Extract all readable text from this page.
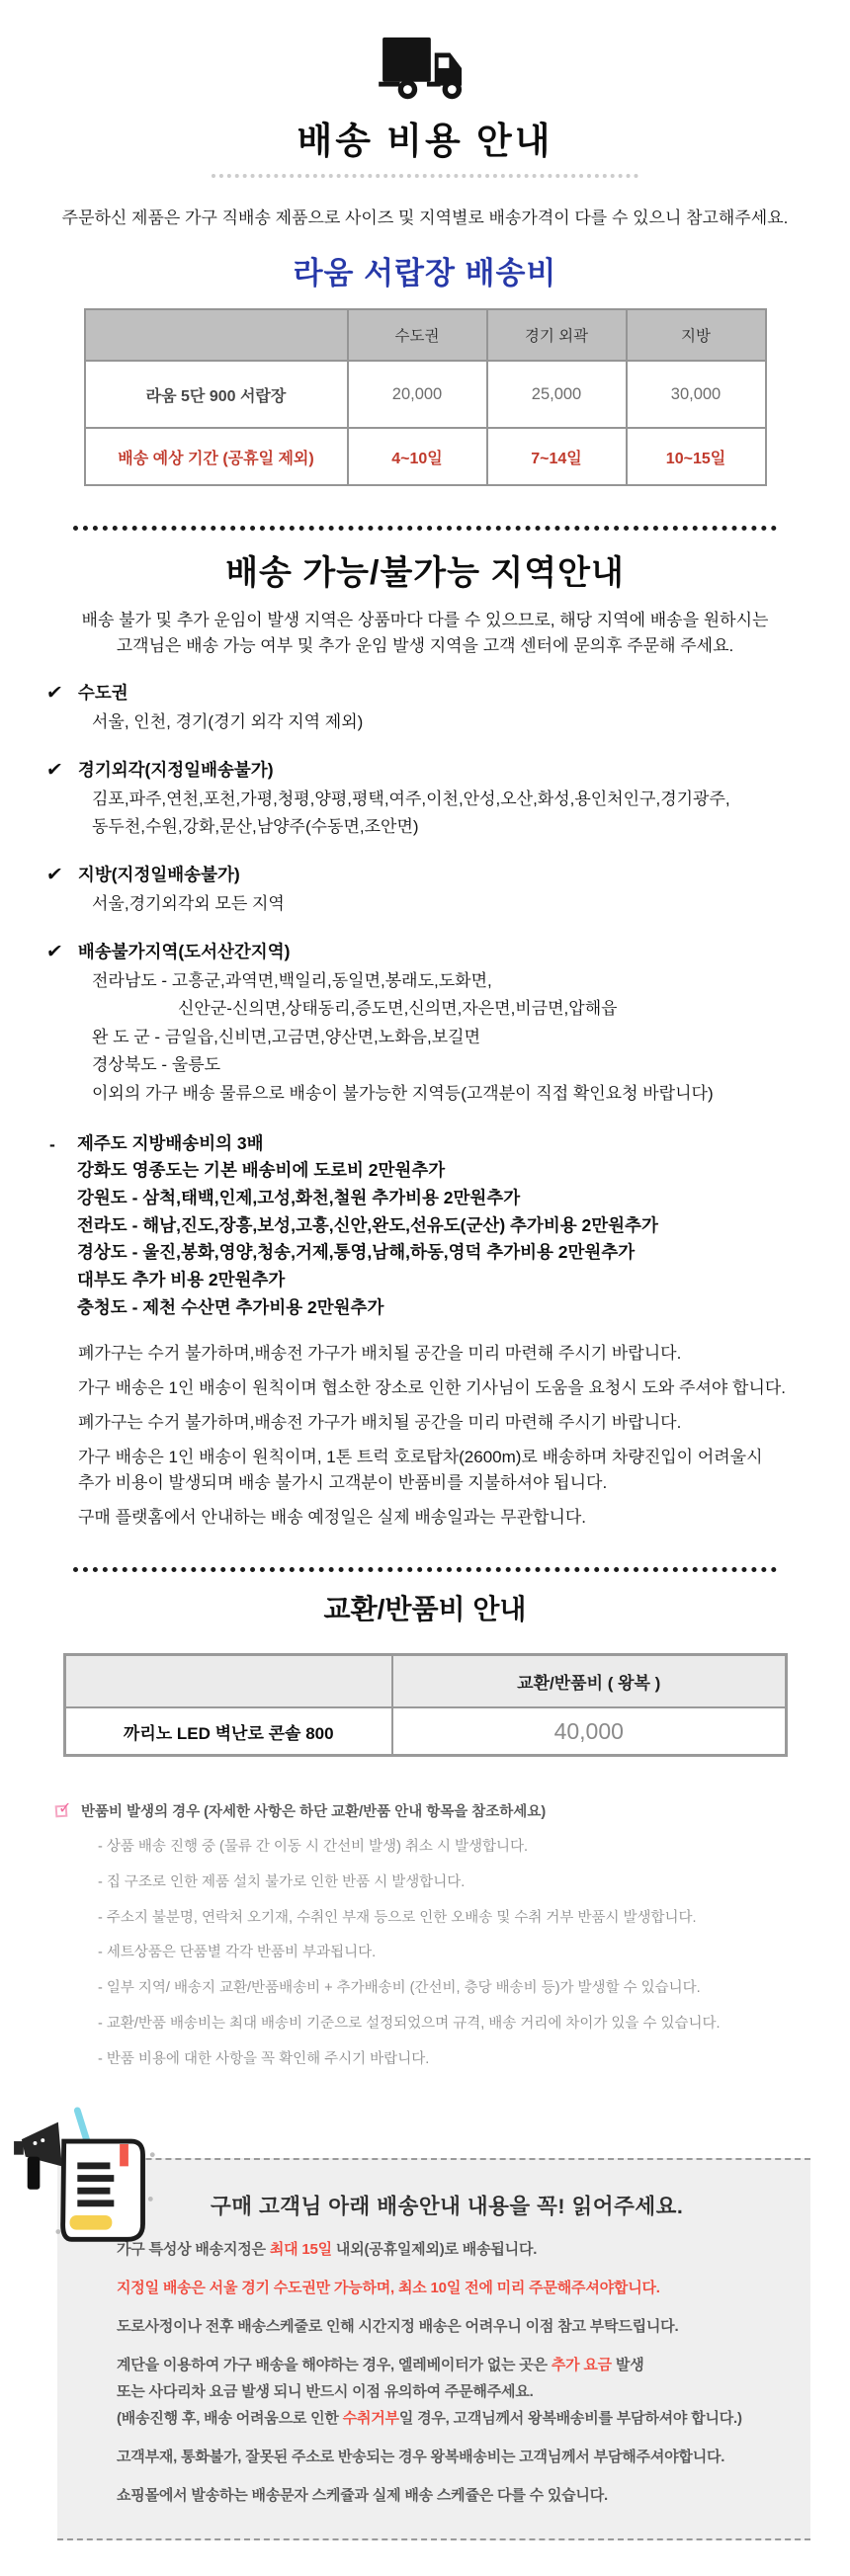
배송 비용 안내
주문하신 제품은 가구 직배송 제품으로 사이즈 및 지역별로 배송가격이 다를 수 있으니 참고해주세요.
라움 서랍장 배송비
	수도권	경기 외곽	지방
라움 5단 900 서랍장	20,000	25,000	30,000
배송 예상 기간 (공휴일 제외)	4~10일	7~14일	10~15일
배송 가능/불가능 지역안내
배송 불가 및 추가 운임이 발생 지역은 상품마다 다를 수 있으므로, 해당 지역에 배송을 원하시는
고객님은 배송 가능 여부 및 추가 운임 발생 지역을 고객 센터에 문의후 주문해 주세요.
✔ 수도권
서울, 인천, 경기(경기 외각 지역 제외)
✔ 경기외각(지정일배송불가)
김포,파주,연천,포천,가평,청평,양평,평택,여주,이천,안성,오산,화성,용인처인구,경기광주,
동두천,수원,강화,문산,남양주(수동면,조안면)
✔ 지방(지정일배송불가)
서울,경기외각외 모든 지역
✔ 배송불가지역(도서산간지역)
전라남도 - 고흥군,과역면,백일리,동일면,봉래도,도화면,
신안군-신의면,상태동리,증도면,신의면,자은면,비금면,압해읍
완 도 군 - 금일읍,신비면,고금면,양산면,노화음,보길면
경상북도 - 울릉도
이외의 가구 배송 물류으로 배송이 불가능한 지역등(고객분이 직접 확인요청 바랍니다)
- 제주도 지방배송비의 3배
강화도 영종도는 기본 배송비에 도로비 2만원추가
강원도 - 삼척,태백,인제,고성,화천,철원 추가비용 2만원추가
전라도 - 해남,진도,장흥,보성,고흥,신안,완도,선유도(군산) 추가비용 2만원추가
경상도 - 울진,봉화,영양,청송,거제,통영,남해,하동,영덕 추가비용 2만원추가
대부도 추가 비용 2만원추가
충청도 - 제천 수산면 추가비용 2만원추가
폐가구는 수거 불가하며,배송전 가구가 배치될 공간을 미리 마련해 주시기 바랍니다.
가구 배송은 1인 배송이 원칙이며 협소한 장소로 인한 기사님이 도움을 요청시 도와 주셔야 합니다.
폐가구는 수거 불가하며,배송전 가구가 배치될 공간을 미리 마련해 주시기 바랍니다.
가구 배송은 1인 배송이 원칙이며, 1톤 트럭 호로탑차(2600m)로 배송하며 차량진입이 어려울시
추가 비용이 발생되며 배송 불가시 고객분이 반품비를 지불하셔야 됩니다.
구매 플랫홈에서 안내하는 배송 예정일은 실제 배송일과는 무관합니다.
교환/반품비 안내
	교환/반품비 ( 왕복 )
까리노 LED 벽난로 콘솔 800	40,000
✓ 반품비 발생의 경우 (자세한 사항은 하단 교환/반품 안내 항목을 참조하세요)
- 상품 배송 진행 중 (물류 간 이동 시 간선비 발생) 취소 시 발생합니다.
- 집 구조로 인한 제품 설치 불가로 인한 반품 시 발생합니다.
- 주소지 불분명, 연락처 오기재, 수취인 부재 등으로 인한 오배송 및 수취 거부 반품시 발생합니다.
- 세트상품은 단품별 각각 반품비 부과됩니다.
- 일부 지역/ 배송지 교환/반품배송비 + 추가배송비 (간선비, 층당 배송비 등)가 발생할 수 있습니다.
- 교환/반품 배송비는 최대 배송비 기준으로 설정되었으며 규격, 배송 거리에 차이가 있을 수 있습니다.
- 반품 비용에 대한 사항을 꼭 확인해 주시기 바랍니다.
구매 고객님 아래 배송안내 내용을 꼭! 읽어주세요.
가구 특성상 배송지정은 최대 15일 내외(공휴일제외)로 배송됩니다.
지정일 배송은 서울 경기 수도권만 가능하며, 최소 10일 전에 미리 주문해주셔야합니다.
도로사정이나 전후 배송스케줄로 인해 시간지정 배송은 어려우니 이점 참고 부탁드립니다.
계단을 이용하여 가구 배송을 해야하는 경우, 엘레베이터가 없는 곳은 추가 요금 발생
또는 사다리차 요금 발생 되니 반드시 이점 유의하여 주문해주세요.
(배송진행 후, 배송 어려움으로 인한 수취거부일 경우, 고객님께서 왕복배송비를 부담하셔야 합니다.)
고객부재, 통화불가, 잘못된 주소로 반송되는 경우 왕복배송비는 고객님께서 부담해주셔야합니다.
쇼핑몰에서 발송하는 배송문자 스케쥴과 실제 배송 스케쥴은 다를 수 있습니다.
